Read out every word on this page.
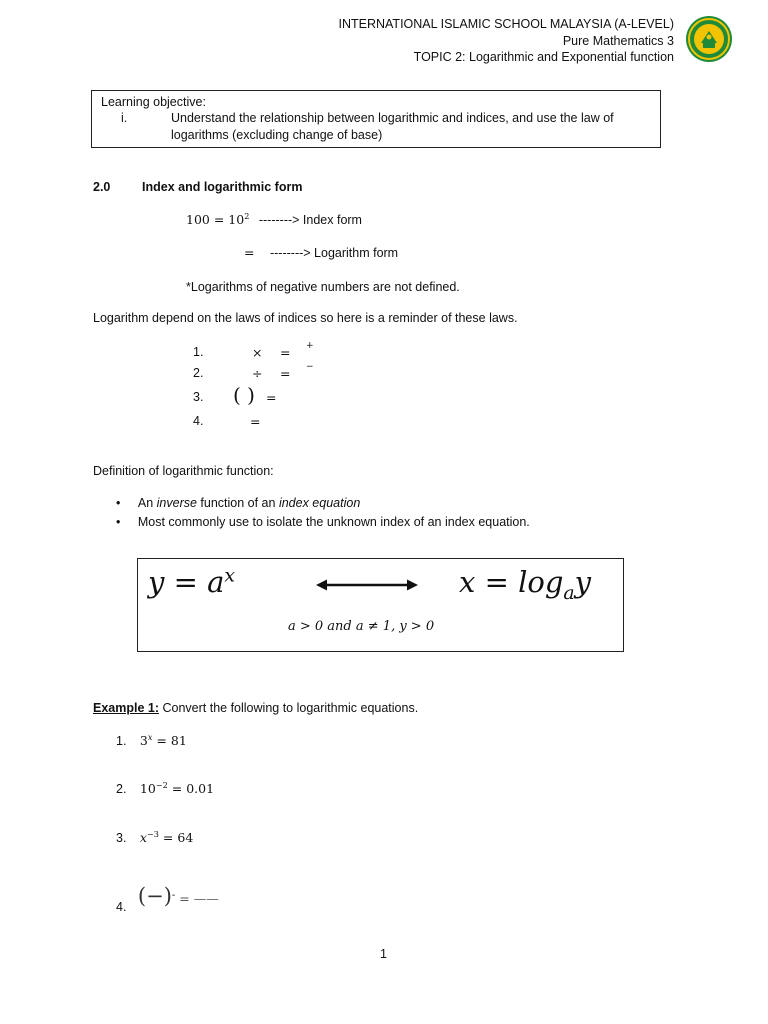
INTERNATIONAL ISLAMIC SCHOOL MALAYSIA (A-LEVEL)
Pure Mathematics 3
TOPIC 2: Logarithmic and Exponential function
Learning objective:
i.	Understand the relationship between logarithmic and indices, and use the law of
logarithms (excluding change of base)
2.0	Index and logarithmic form
$100 = 10^2$ --------> Index form
= --------> Logarithm form
*Logarithms of negative numbers are not defined.
Logarithm depend on the laws of indices so here is a reminder of these laws.
1.	× = +
2.	÷ = −
3. ( ) =
4.	=
Definition of logarithmic function:
• An inverse function of an index equation
• Most commonly use to isolate the unknown index of an index equation.
$y = a^x$	$x = \log_ay$
a > 0 and a ≠ 1, y > 0
Example 1: Convert the following to logarithmic equations.
1. $3^x = 81$
2. $10^{-2} = 0.01$
3. $x^{-3} = 64$
4. (−)- = ——
1
